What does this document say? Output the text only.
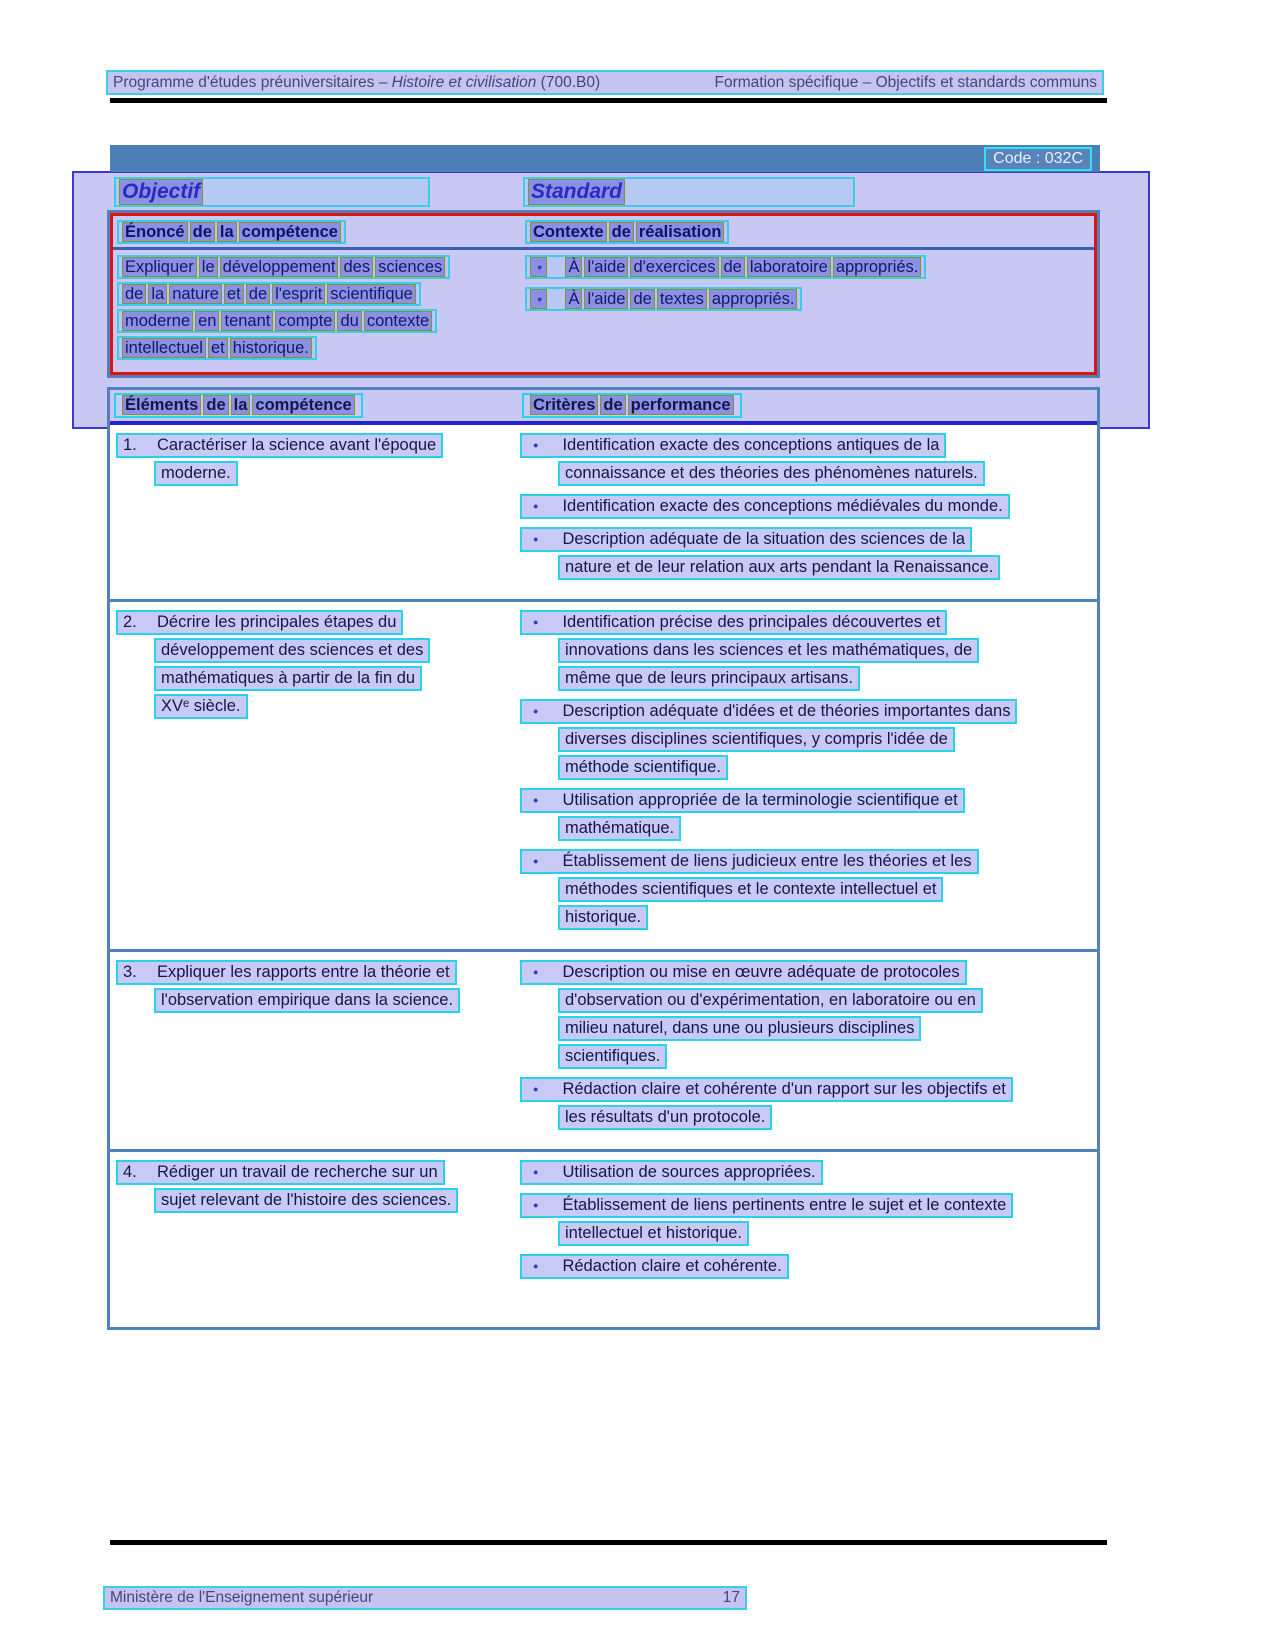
Programme d'études préuniversitaires – Histoire et civilisation (700.B0)	Formation spécifique – Objectifs et standards communs
Code : 032C
Objectif	Standard
Énoncé de la compétence	Contexte de réalisation
Expliquer le développement des sciences
de la nature et de l'esprit scientifique
moderne en tenant compte du contexte
intellectuel et historique.
● À l'aide d'exercices de laboratoire appropriés.
● À l'aide de textes appropriés.
Éléments de la compétence	Critères de performance
1. Caractériser la science avant l'époque
moderne.
● Identification exacte des conceptions antiques de la
connaissance et des théories des phénomènes naturels.
● Identification exacte des conceptions médiévales du monde.
● Description adéquate de la situation des sciences de la
nature et de leur relation aux arts pendant la Renaissance.
2. Décrire les principales étapes du
développement des sciences et des
mathématiques à partir de la fin du
XVᵉ siècle.
● Identification précise des principales découvertes et
innovations dans les sciences et les mathématiques, de
même que de leurs principaux artisans.
● Description adéquate d'idées et de théories importantes dans
diverses disciplines scientifiques, y compris l'idée de
méthode scientifique.
● Utilisation appropriée de la terminologie scientifique et
mathématique.
● Établissement de liens judicieux entre les théories et les
méthodes scientifiques et le contexte intellectuel et
historique.
3. Expliquer les rapports entre la théorie et
l'observation empirique dans la science.
● Description ou mise en œuvre adéquate de protocoles
d'observation ou d'expérimentation, en laboratoire ou en
milieu naturel, dans une ou plusieurs disciplines
scientifiques.
● Rédaction claire et cohérente d'un rapport sur les objectifs et
les résultats d'un protocole.
4. Rédiger un travail de recherche sur un
sujet relevant de l'histoire des sciences.
● Utilisation de sources appropriées.
● Établissement de liens pertinents entre le sujet et le contexte
intellectuel et historique.
● Rédaction claire et cohérente.
Ministère de l'Enseignement supérieur	17
